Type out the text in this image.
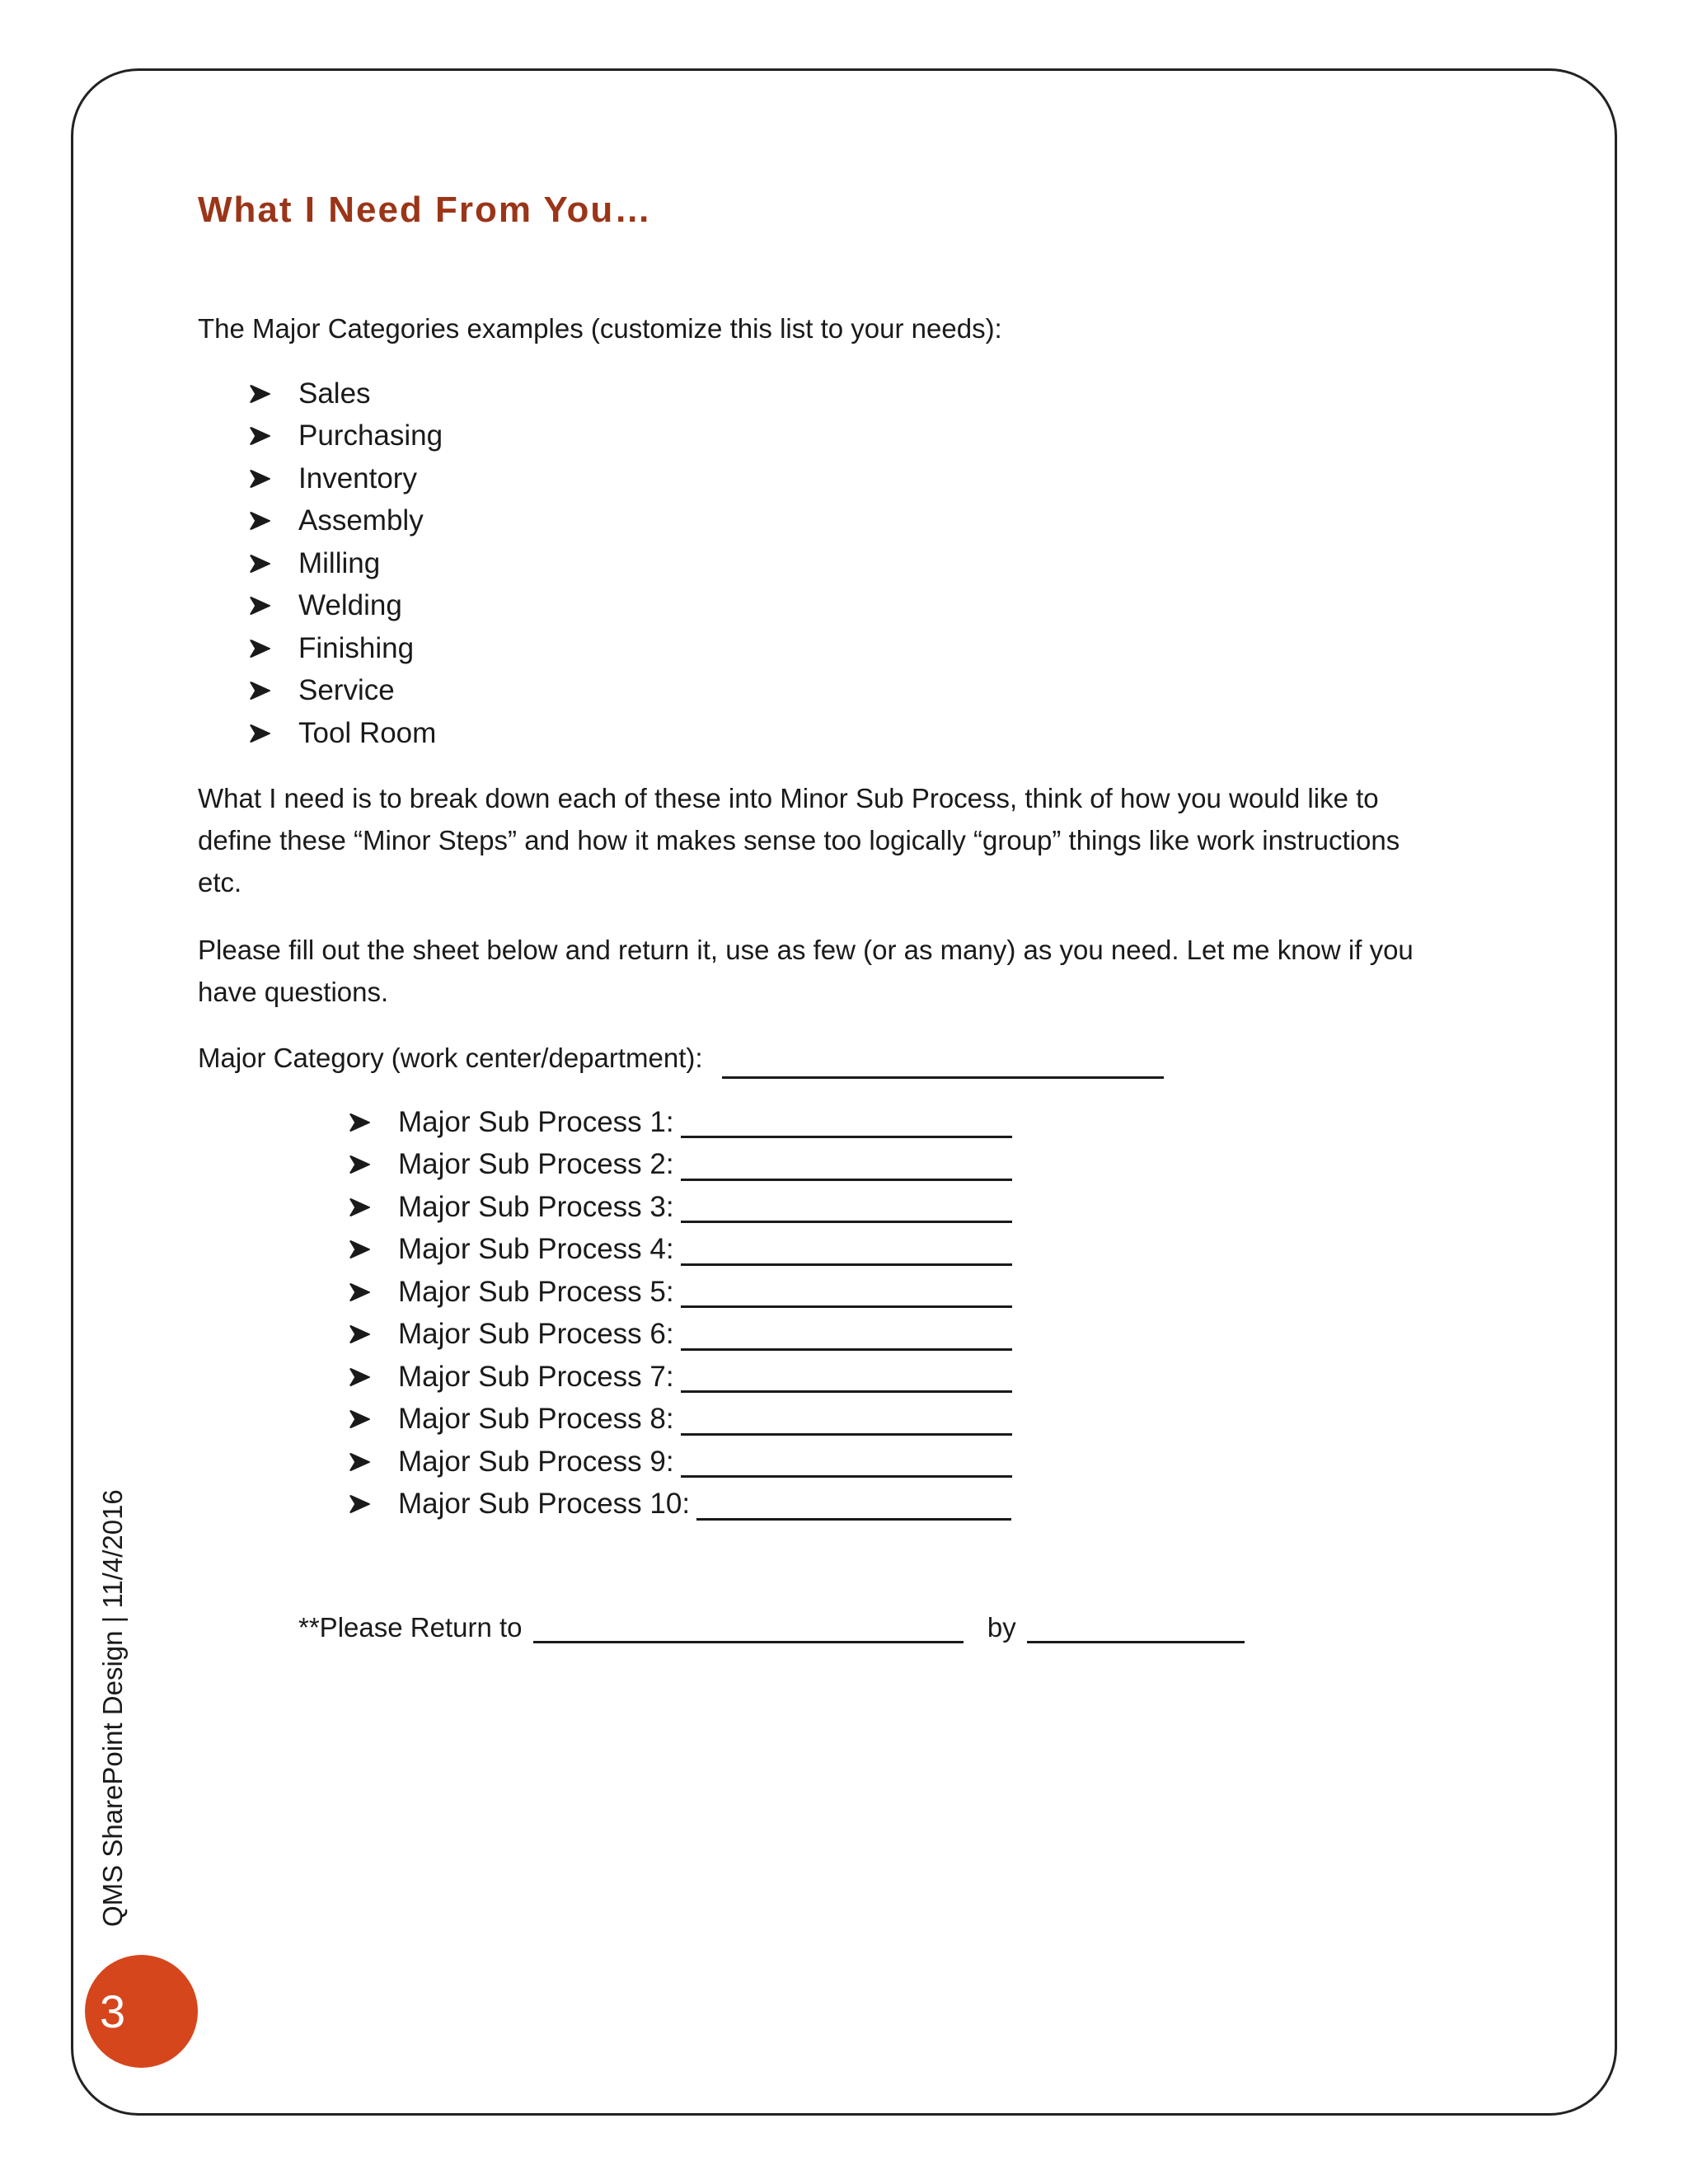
What I Need From You…

The Major Categories examples (customize this list to your needs):

Sales
Purchasing
Inventory
Assembly
Milling
Welding
Finishing
Service
Tool Room
What I need is to break down each of these into Minor Sub Process, think of how you would like to
define these “Minor Steps” and how it makes sense too logically “group” things like work instructions
etc.
Please fill out the sheet below and return it, use as few (or as many) as you need. Let me know if you
have questions.
Major Category (work center/department):
Major Sub Process 1:
Major Sub Process 2:
Major Sub Process 3:
Major Sub Process 4:
Major Sub Process 5:
Major Sub Process 6:
Major Sub Process 7:
Major Sub Process 8:
Major Sub Process 9:
Major Sub Process 10:
**Please Return to	by
QMS SharePoint Design | 11/4/2016
3
